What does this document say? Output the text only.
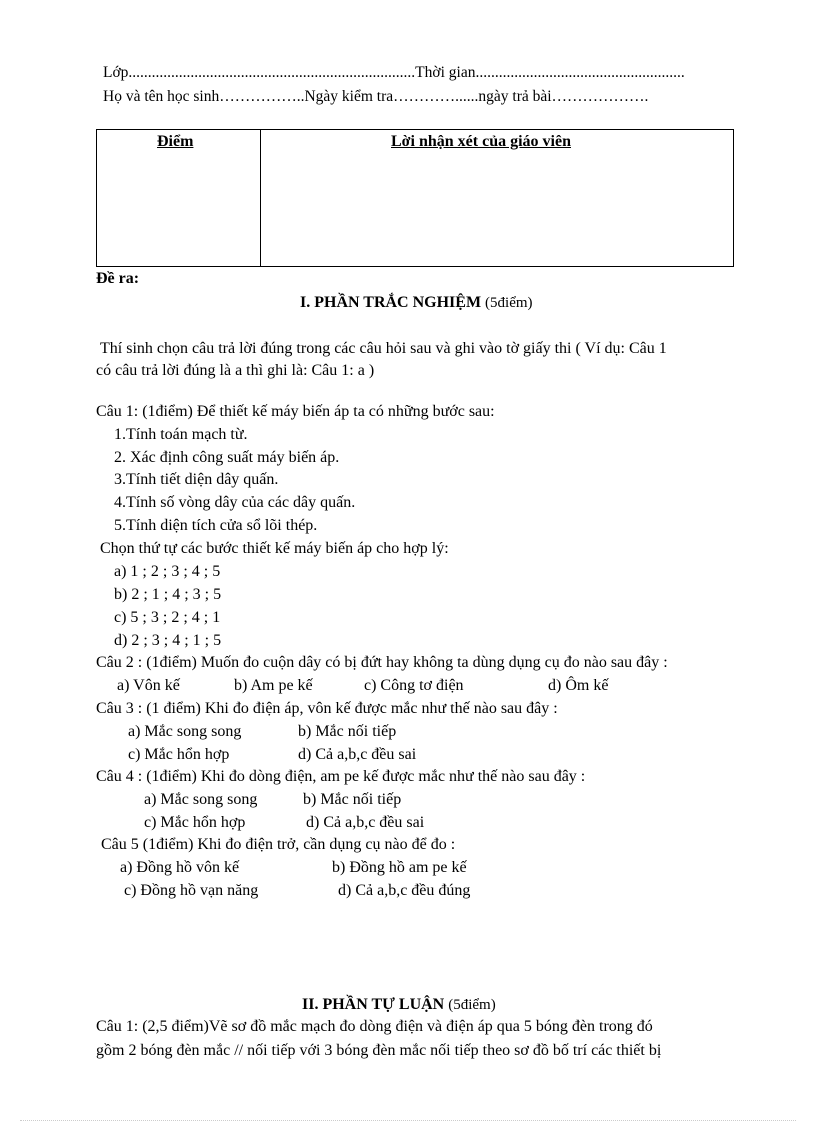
Lớp..........................................................................Thời gian......................................................
Họ và tên học sinh……………..Ngày kiểm tra…………......ngày trả bài……………….
Điểm	Lời nhận xét của giáo viên
Đề ra:
I. PHẦN TRẮC NGHIỆM (5điểm)
Thí sinh chọn câu trả lời đúng trong các câu hỏi sau và ghi vào tờ giấy thi ( Ví dụ: Câu 1
có câu trả lời đúng là a thì ghi là: Câu 1: a )
Câu 1: (1điểm) Để thiết kế máy biến áp ta có những bước sau:
1.Tính toán mạch từ.
2. Xác định công suất máy biến áp.
3.Tính tiết diện dây quấn.
4.Tính số vòng dây của các dây quấn.
5.Tính diện tích cửa sổ lõi thép.
Chọn thứ tự các bước thiết kế máy biến áp cho hợp lý:
a) 1 ; 2 ; 3 ; 4 ; 5
b) 2 ; 1 ; 4 ; 3 ; 5
c) 5 ; 3 ; 2 ; 4 ; 1
d) 2 ; 3 ; 4 ; 1 ; 5
Câu 2 : (1điểm) Muốn đo cuộn dây có bị đứt hay không ta dùng dụng cụ đo nào sau đây :
a) Vôn kế	b) Am pe kế	c) Công tơ điện	d) Ôm kế
Câu 3 : (1 điểm) Khi đo điện áp, vôn kế được mắc như thế nào sau đây :
a) Mắc song song	b) Mắc nối tiếp
c) Mắc hổn hợp	d) Cả a,b,c đều sai
Câu 4 : (1điểm) Khi đo dòng điện, am pe kế được mắc như thế nào sau đây :
a) Mắc song song	b) Mắc nối tiếp
c) Mắc hổn hợp	d) Cả a,b,c đều sai
Câu 5 (1điểm) Khi đo điện trở, cần dụng cụ nào để đo :
a) Đồng hồ vôn kế	b) Đồng hồ am pe kế
c) Đồng hồ vạn năng	d) Cả a,b,c đều đúng
II. PHẦN TỰ LUẬN (5điểm)
Câu 1: (2,5 điểm)Vẽ sơ đồ mắc mạch đo dòng điện và điện áp qua 5 bóng đèn trong đó
gồm 2 bóng đèn mắc // nối tiếp với 3 bóng đèn mắc nối tiếp theo sơ đồ bố trí các thiết bị
